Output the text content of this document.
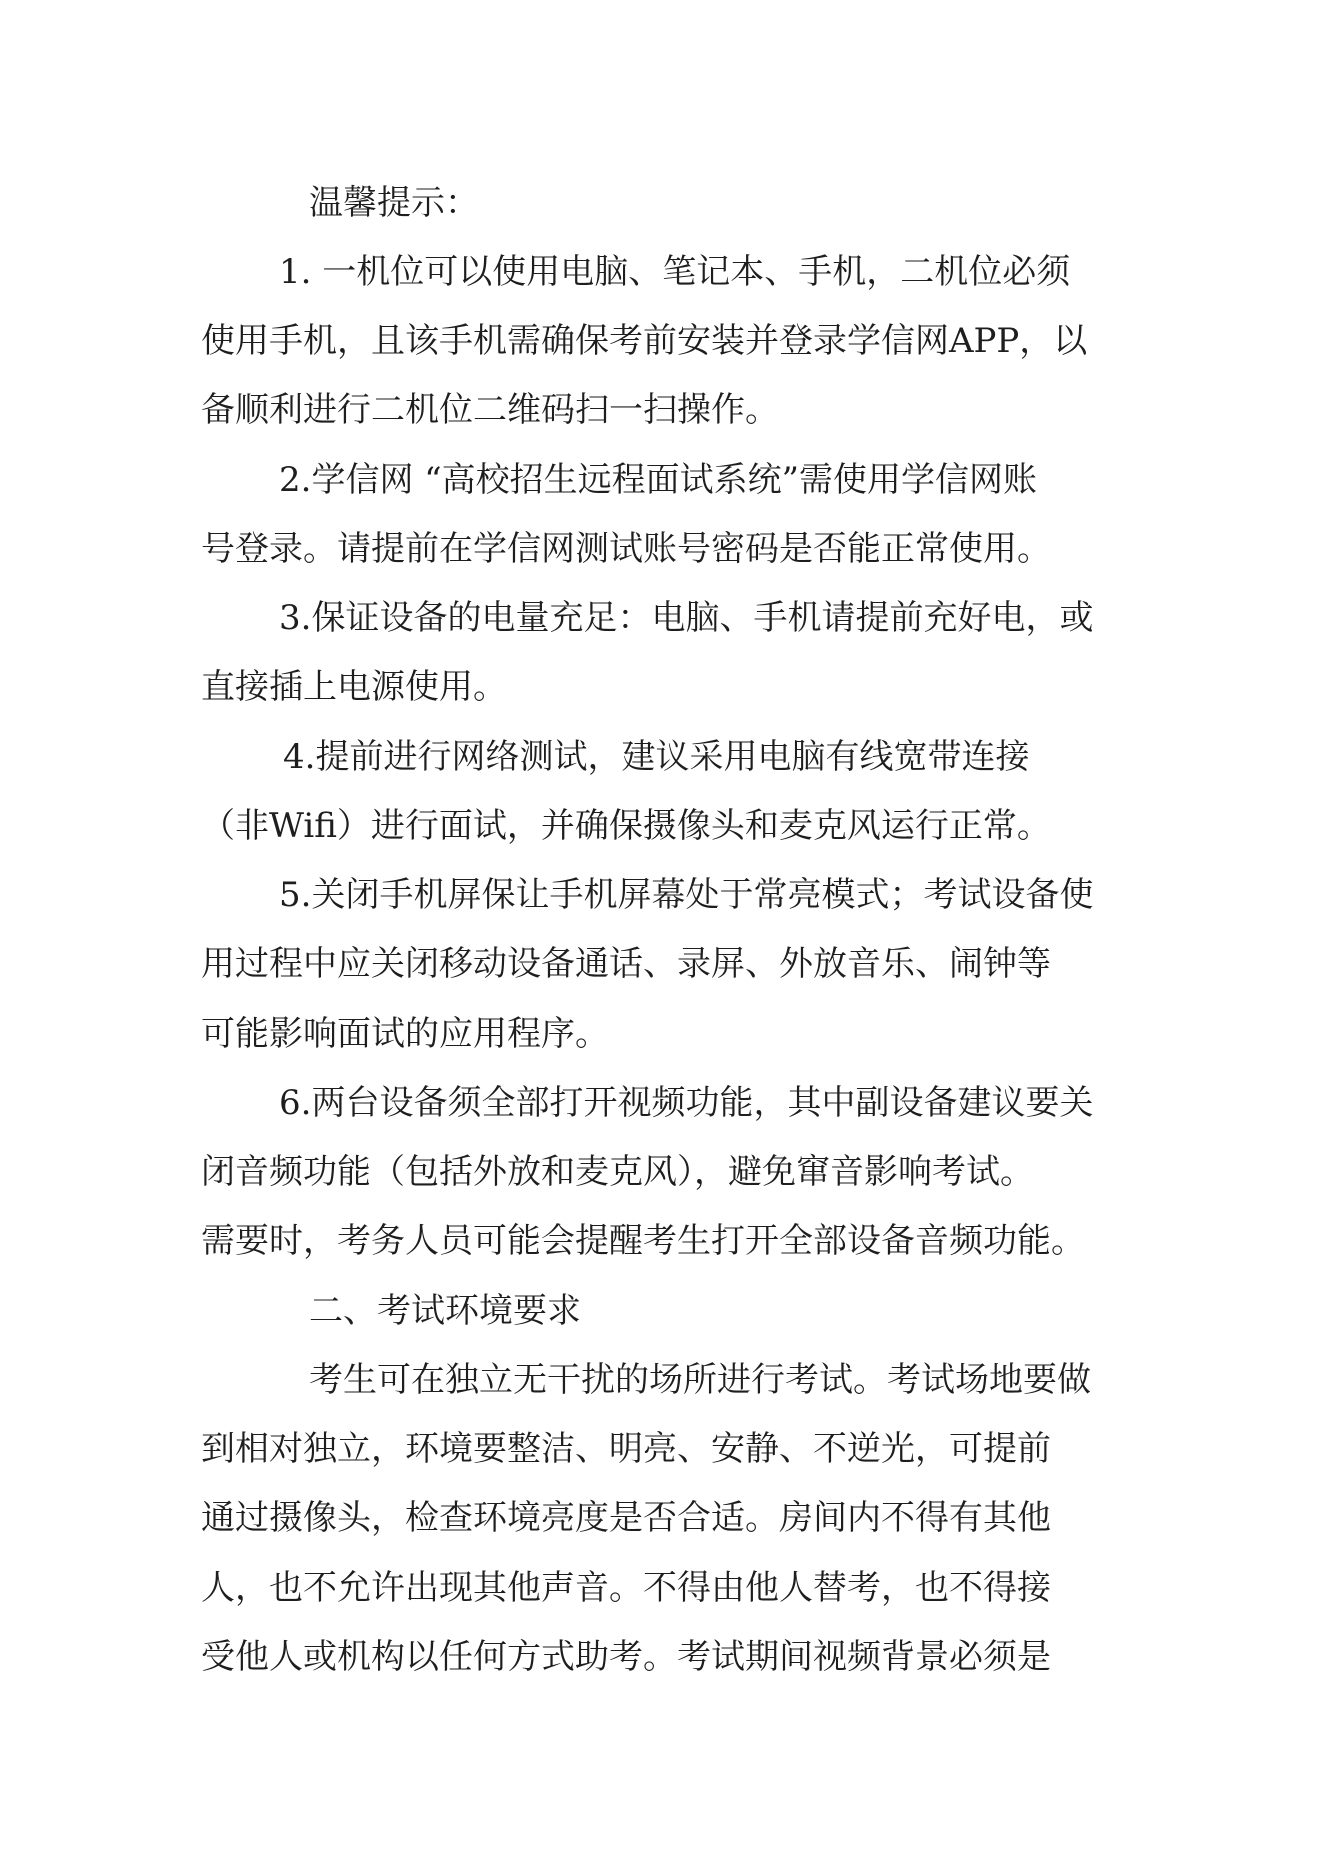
温馨提示：
1. 一机位可以使用电脑、笔记本、手机，二机位必须
使用手机，且该手机需确保考前安装并登录学信网APP，以
备顺利进行二机位二维码扫一扫操作。
2.学信网 “高校招生远程面试系统”需使用学信网账
号登录。请提前在学信网测试账号密码是否能正常使用。
3.保证设备的电量充足：电脑、手机请提前充好电，或
直接插上电源使用。
4.提前进行网络测试，建议采用电脑有线宽带连接
（非Wifi）进行面试，并确保摄像头和麦克风运行正常。
5.关闭手机屏保让手机屏幕处于常亮模式；考试设备使
用过程中应关闭移动设备通话、录屏、外放音乐、闹钟等
可能影响面试的应用程序。
6.两台设备须全部打开视频功能，其中副设备建议要关
闭音频功能（包括外放和麦克风），避免窜音影响考试。
需要时，考务人员可能会提醒考生打开全部设备音频功能。
二、考试环境要求
考生可在独立无干扰的场所进行考试。考试场地要做
到相对独立，环境要整洁、明亮、安静、不逆光，可提前
通过摄像头，检查环境亮度是否合适。房间内不得有其他
人，也不允许出现其他声音。不得由他人替考，也不得接
受他人或机构以任何方式助考。考试期间视频背景必须是
